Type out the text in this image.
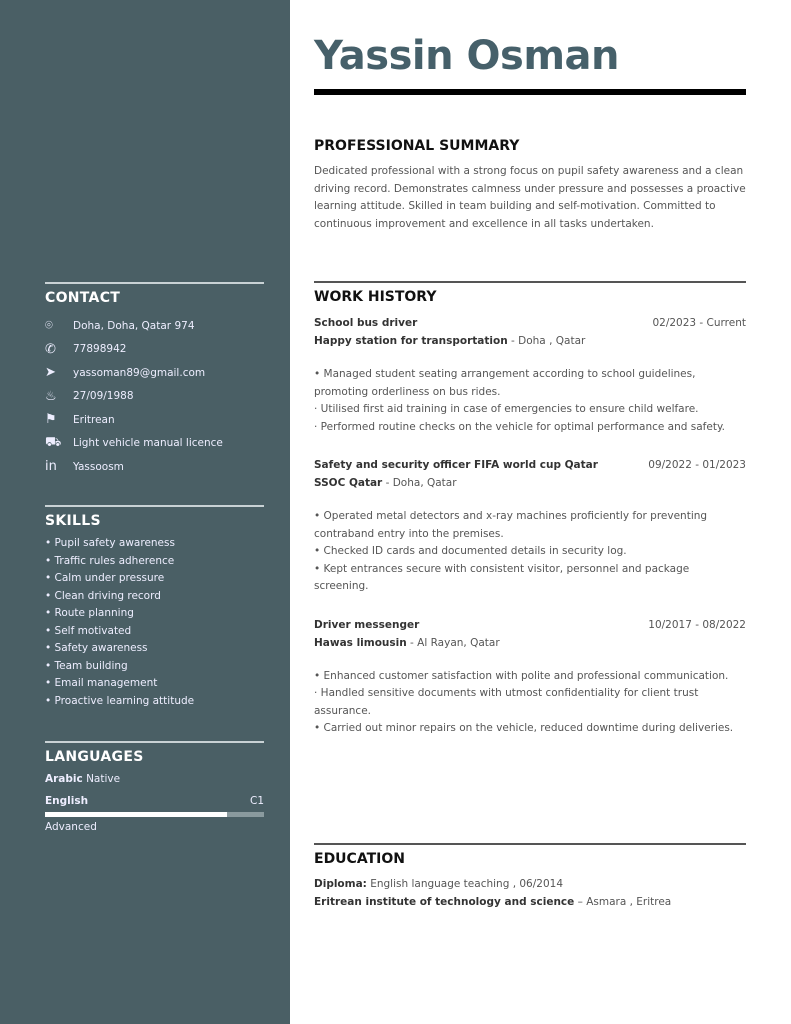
CONTACT
⌾	Doha, Doha, Qatar 974
✆	77898942
➤	yassoman89@gmail.com
♨	27/09/1988
⚑	Eritrean
⛟	Light vehicle manual licence
in	Yassoosm
SKILLS
• Pupil safety awareness
• Traffic rules adherence
• Calm under pressure
• Clean driving record
• Route planning
• Self motivated
• Safety awareness
• Team building
• Email management
• Proactive learning attitude
LANGUAGES
Arabic Native
English	C1
Advanced
Yassin Osman
PROFESSIONAL SUMMARY

Dedicated professional with a strong focus on pupil safety awareness and a clean driving record. Demonstrates calmness under pressure and possesses a proactive learning attitude. Skilled in team building and self-motivation. Committed to continuous improvement and excellence in all tasks undertaken.

WORK HISTORY
School bus driver	02/2023 - Current
Happy station for transportation - Doha , Qatar
• Managed student seating arrangement according to school guidelines, promoting orderliness on bus rides.
· Utilised first aid training in case of emergencies to ensure child welfare.
· Performed routine checks on the vehicle for optimal performance and safety.
Safety and security officer FIFA world cup Qatar	09/2022 - 01/2023
SSOC Qatar - Doha, Qatar
• Operated metal detectors and x-ray machines proficiently for preventing contraband entry into the premises.
• Checked ID cards and documented details in security log.
• Kept entrances secure with consistent visitor, personnel and package screening.
Driver messenger	10/2017 - 08/2022
Hawas limousin - Al Rayan, Qatar
• Enhanced customer satisfaction with polite and professional communication.
· Handled sensitive documents with utmost confidentiality for client trust assurance.
• Carried out minor repairs on the vehicle, reduced downtime during deliveries.
EDUCATION
Diploma: English language teaching , 06/2014
Eritrean institute of technology and science – Asmara , Eritrea
